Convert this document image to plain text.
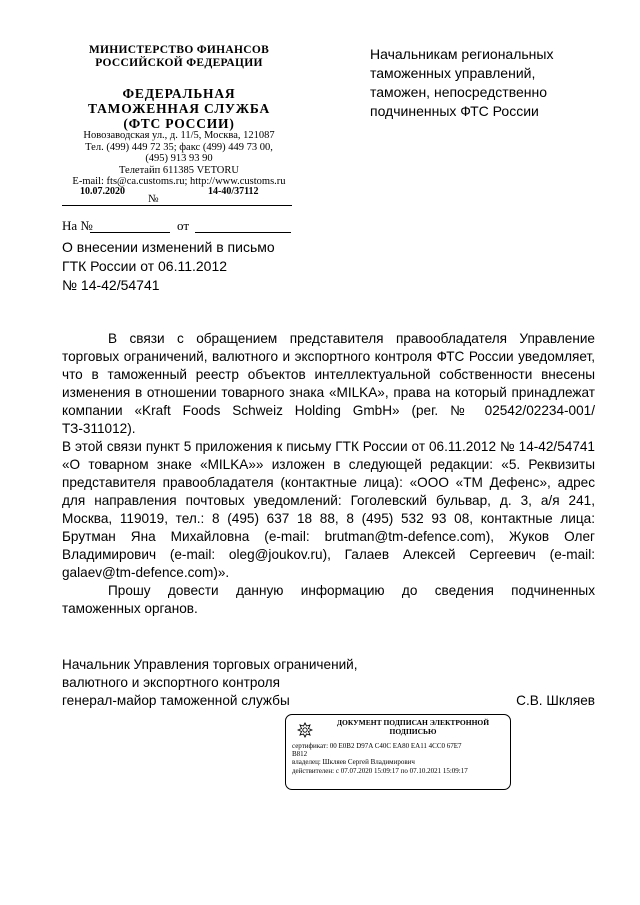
МИНИСТЕРСТВО ФИНАНСОВ
РОССИЙСКОЙ ФЕДЕРАЦИИ
ФЕДЕРАЛЬНАЯ
ТАМОЖЕННАЯ СЛУЖБА
(ФТС РОССИИ)
Новозаводская ул., д. 11/5, Москва, 121087
Тел. (499) 449 72 35; факс (499) 449 73 00,
(495) 913 93 90
Телетайп 611385 VETORU
E-mail: fts@ca.customs.ru; http://www.customs.ru
10.07.2020
№
14-40/37112
На №	от
Начальникам региональных
таможенных управлений,
таможен, непосредственно
подчиненных ФТС России
О внесении изменений в письмо
ГТК России от 06.11.2012
№ 14-42/54741

В связи с обращением представителя правообладателя Управление торговых ограничений, валютного и экспортного контроля ФТС России уведомляет, что в таможенный реестр объектов интеллектуальной собственности внесены изменения в отношении товарного знака «MILKA», права на который принадлежат компании «Kraft Foods Schweiz Holding GmbH» (рег. № 02542/02234-001/ТЗ-311012).

В этой связи пункт 5 приложения к письму ГТК России от 06.11.2012 № 14-42/54741 «О товарном знаке «MILKA»» изложен в следующей редакции: «5. Реквизиты представителя правообладателя (контактные лица): «ООО «ТМ Дефенс», адрес для направления почтовых уведомлений: Гоголевский бульвар, д. 3, а/я 241, Москва, 119019, тел.: 8 (495) 637 18 88, 8 (495) 532 93 08, контактные лица: Брутман Яна Михайловна (e-mail: brutman@tm-defence.com), Жуков Олег Владимирович (e-mail: oleg@joukov.ru), Галаев Алексей Сергеевич (e-mail: galaev@tm-defence.com)».

Прошу довести данную информацию до сведения подчиненных таможенных органов.

Начальник Управления торговых ограничений,
валютного и экспортного контроля
генерал-майор таможенной службы	С.В. Шкляев
ДОКУМЕНТ ПОДПИСАН ЭЛЕКТРОННОЙ
ПОДПИСЬЮ
сертификат: 00 E0B2 D97A C40C EA80 EA11 4CC0 67E7
B812
владелец: Шкляев Сергей Владимирович
действителен: с 07.07.2020 15:09:17 по 07.10.2021 15:09:17
